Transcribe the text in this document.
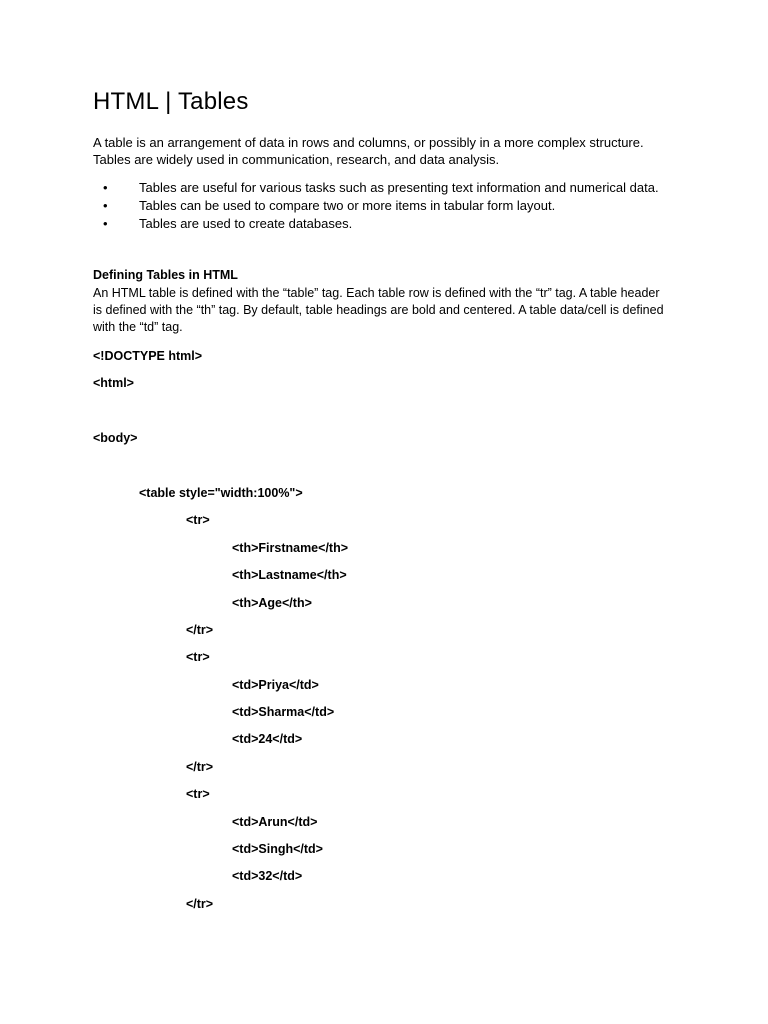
HTML | Tables

A table is an arrangement of data in rows and columns, or possibly in a more complex structure. Tables are widely used in communication, research, and data analysis.

• Tables are useful for various tasks such as presenting text information and numerical data.
• Tables can be used to compare two or more items in tabular form layout.
• Tables are used to create databases.

Defining Tables in HTML

An HTML table is defined with the “table” tag. Each table row is defined with the “tr” tag. A table header is defined with the “th” tag. By default, table headings are bold and centered. A table data/cell is defined with the “td” tag.

<!DOCTYPE html>
<html>
<body>
<table style="width:100%">
<tr>
<th>Firstname</th>
<th>Lastname</th>
<th>Age</th>
</tr>
<tr>
<td>Priya</td>
<td>Sharma</td>
<td>24</td>
</tr>
<tr>
<td>Arun</td>
<td>Singh</td>
<td>32</td>
</tr>
